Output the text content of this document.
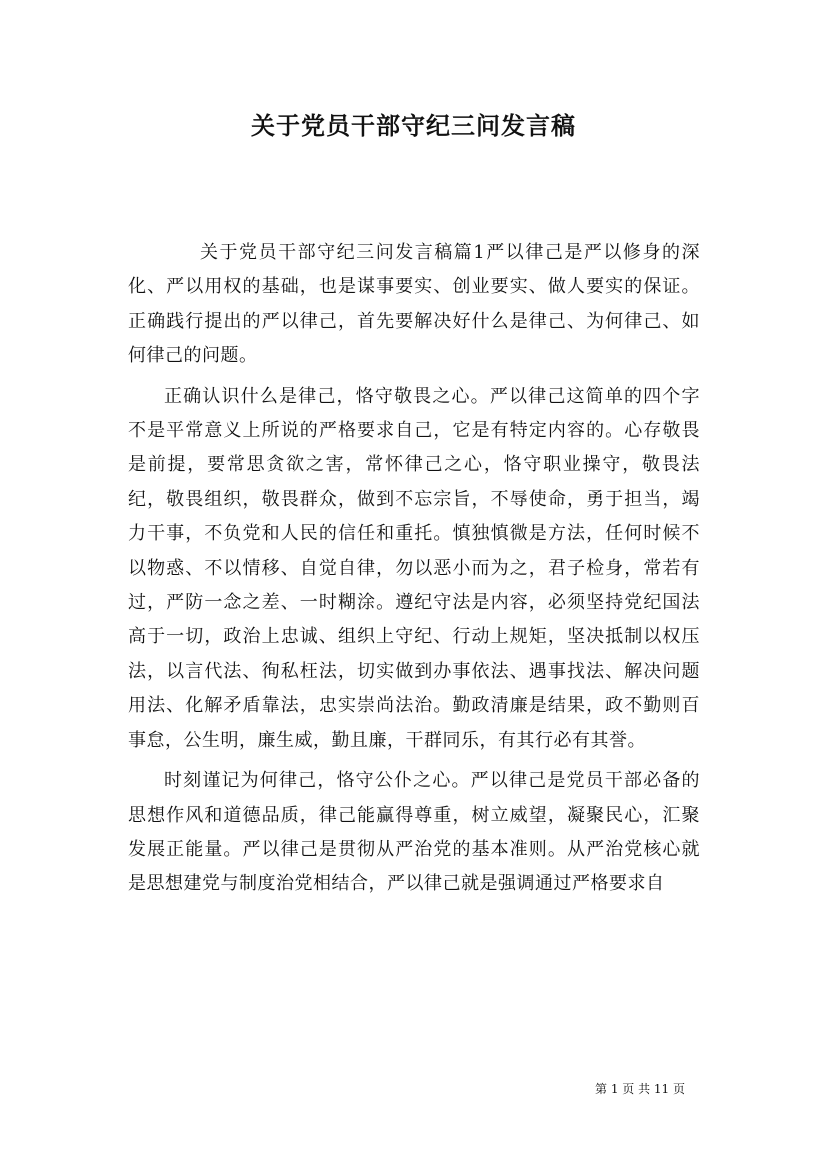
关于党员干部守纪三问发言稿

关于党员干部守纪三问发言稿篇1严以律己是严以修身的深化、严以用权的基础，也是谋事要实、创业要实、做人要实的保证。正确践行提出的严以律己，首先要解决好什么是律己、为何律己、如何律己的问题。

正确认识什么是律己，恪守敬畏之心。严以律己这简单的四个字不是平常意义上所说的严格要求自己，它是有特定内容的。心存敬畏是前提，要常思贪欲之害，常怀律己之心，恪守职业操守，敬畏法纪，敬畏组织，敬畏群众，做到不忘宗旨，不辱使命，勇于担当，竭力干事，不负党和人民的信任和重托。慎独慎微是方法，任何时候不以物惑、不以情移、自觉自律，勿以恶小而为之，君子检身，常若有过，严防一念之差、一时糊涂。遵纪守法是内容，必须坚持党纪国法高于一切，政治上忠诚、组织上守纪、行动上规矩，坚决抵制以权压法，以言代法、徇私枉法，切实做到办事依法、遇事找法、解决问题用法、化解矛盾靠法，忠实崇尚法治。勤政清廉是结果，政不勤则百事怠，公生明，廉生威，勤且廉，干群同乐，有其行必有其誉。

时刻谨记为何律己，恪守公仆之心。严以律己是党员干部必备的思想作风和道德品质，律己能赢得尊重，树立威望，凝聚民心，汇聚发展正能量。严以律己是贯彻从严治党的基本准则。从严治党核心就是思想建党与制度治党相结合，严以律己就是强调通过严格要求自

第 1 页 共 11 页
